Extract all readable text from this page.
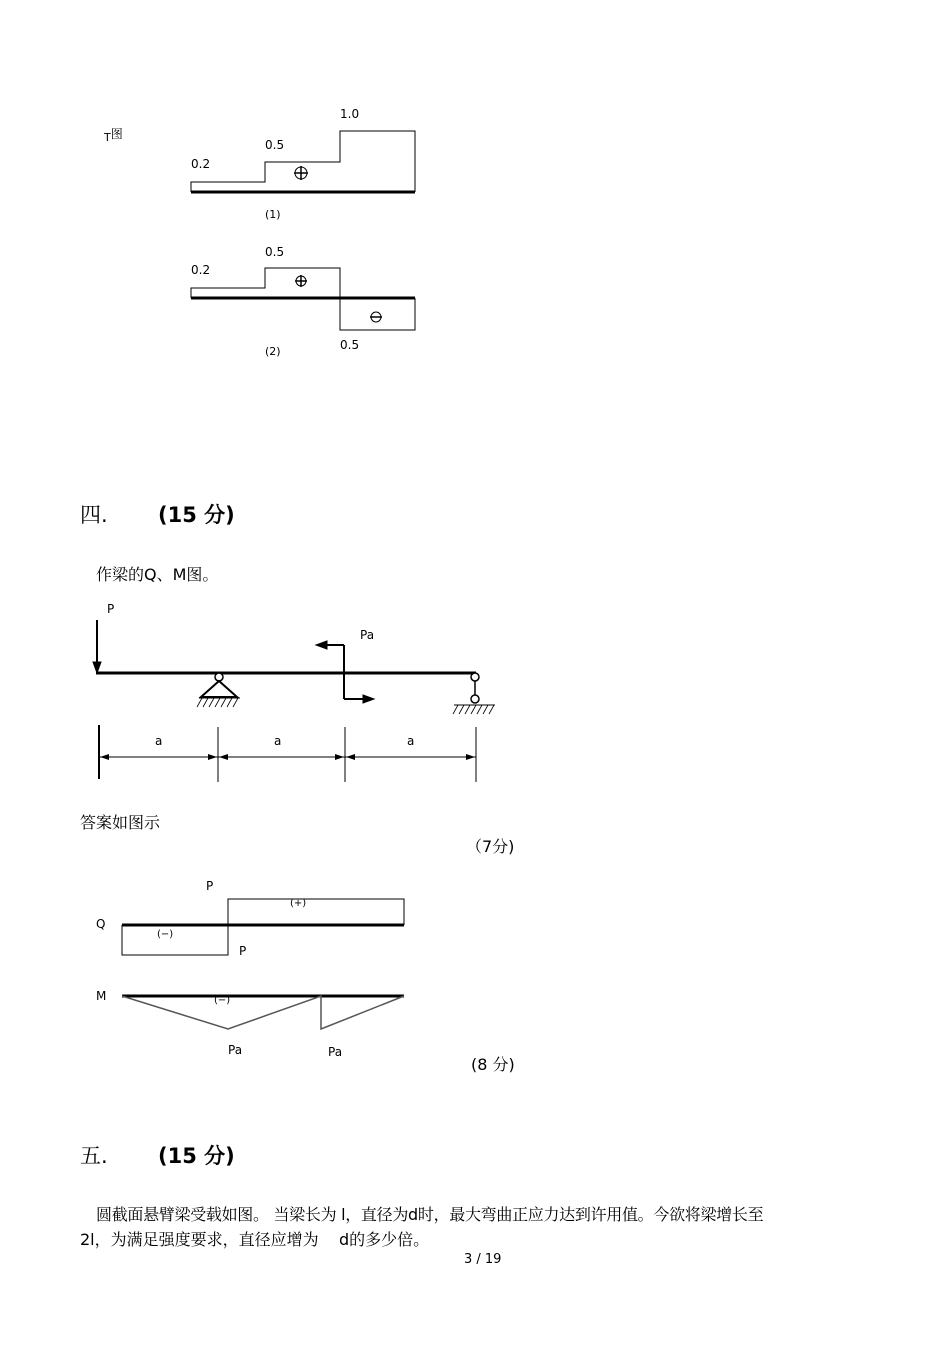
T图
0.2
0.5
1.0
(1)
0.2
0.5
0.5
(2)
四. (15 分)
作梁的Q、M图。
P
Pa
a	a	a
答案如图示
（7分)
Q
P
P
(+)
(−)
M	(−)
Pa	Pa
(8 分)
五. (15 分)
圆截面悬臂梁受载如图。 当梁长为 l，直径为d时，最大弯曲正应力达到许用值。今欲将梁增长至
2l，为满足强度要求，直径应增为    d的多少倍。
3 / 19
